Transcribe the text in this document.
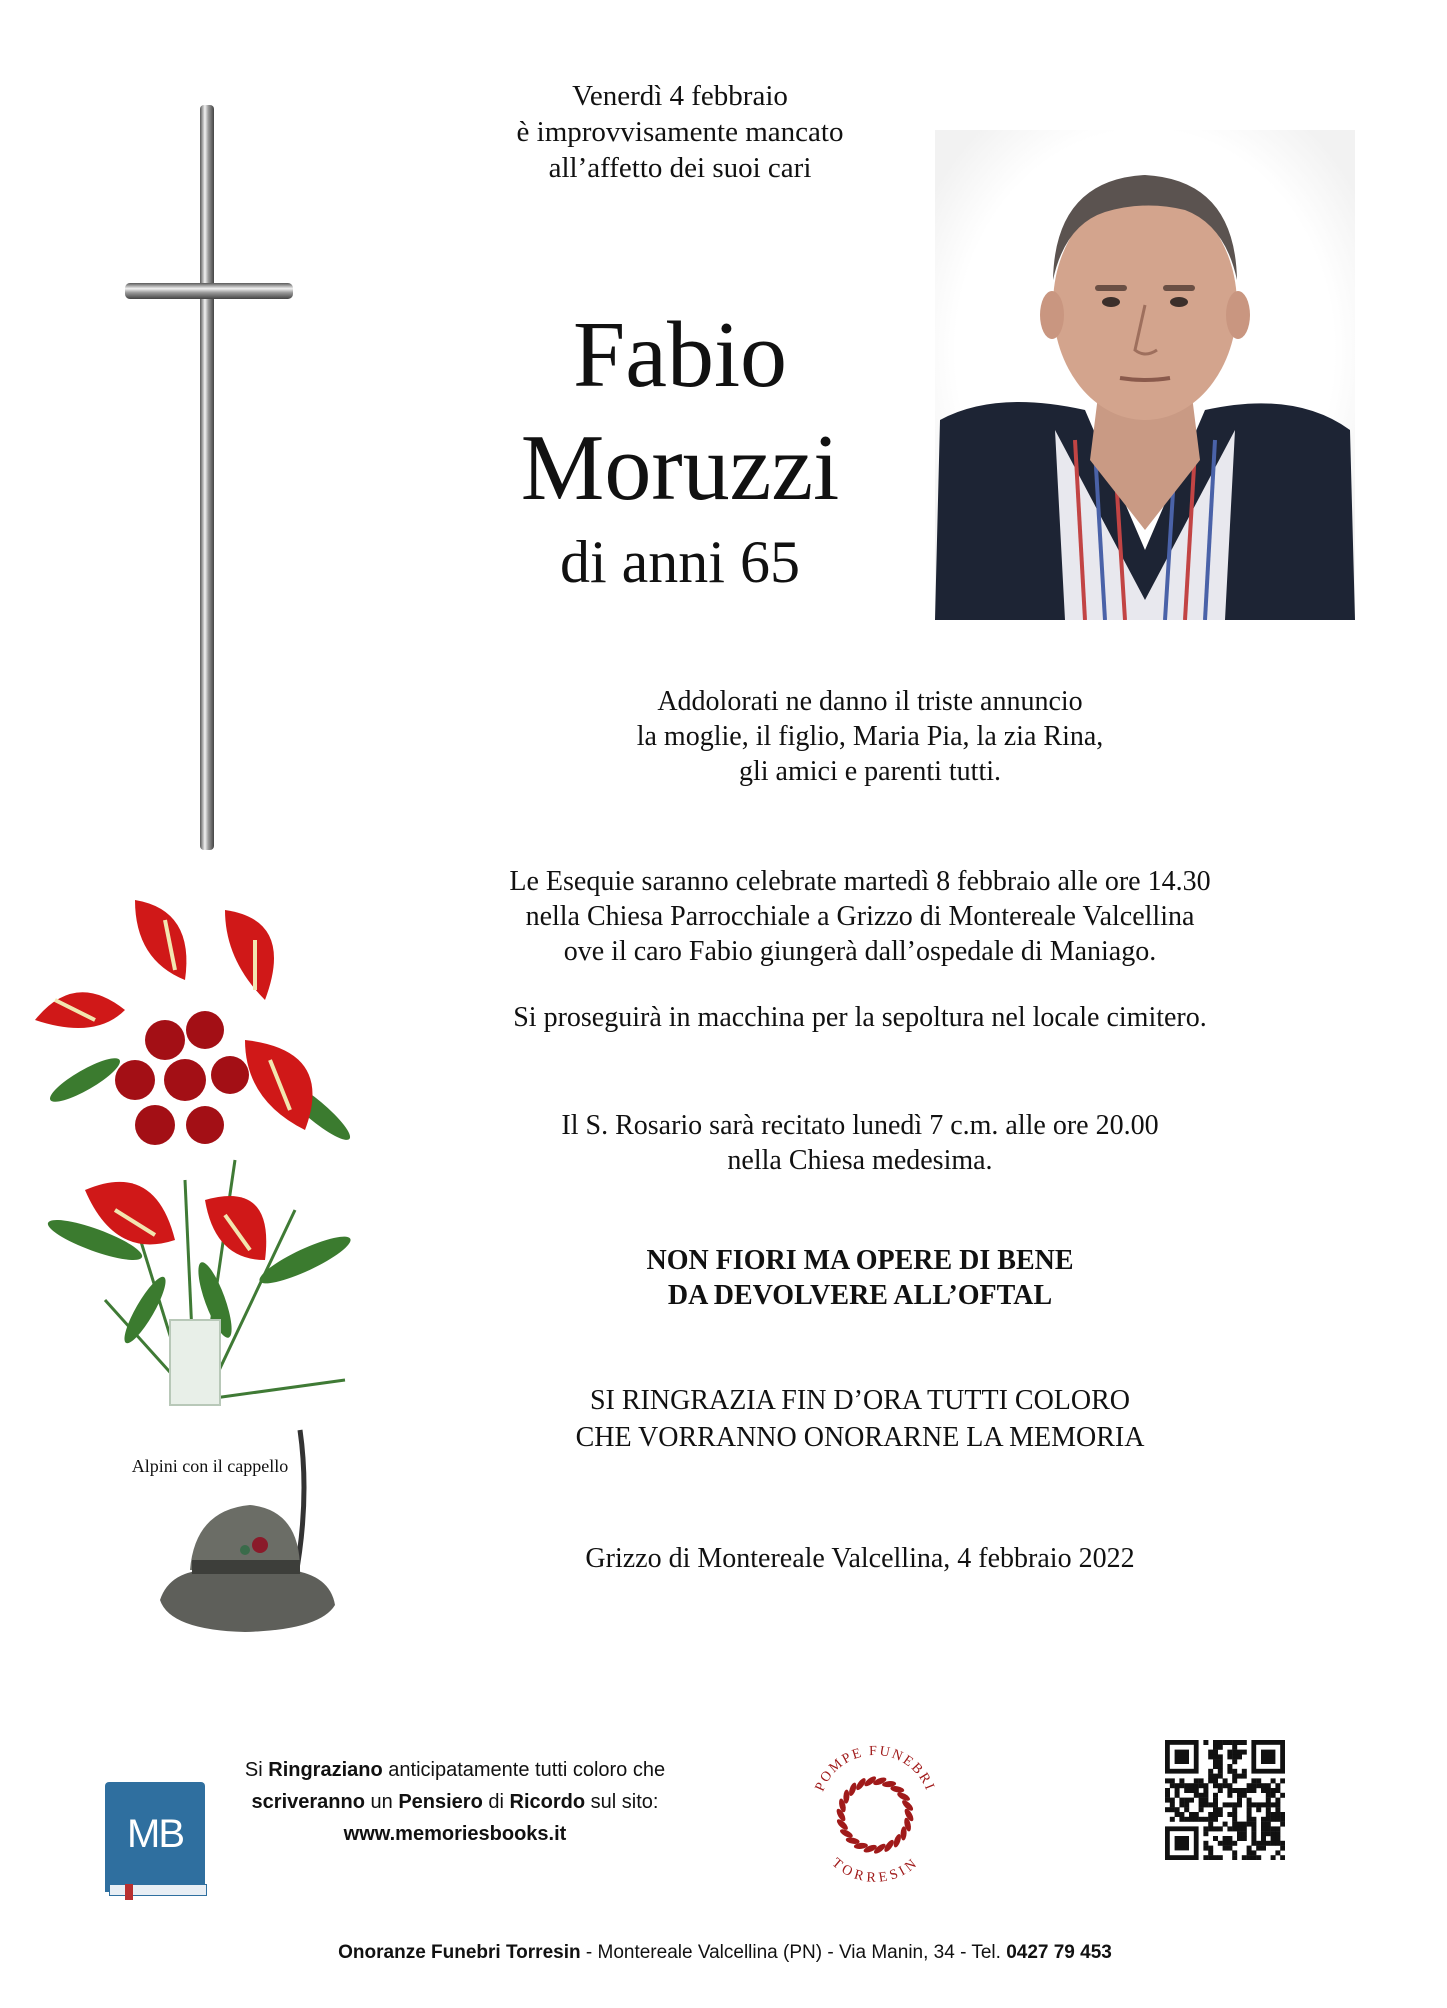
Venerdì 4 febbraio
è improvvisamente mancato
all’affetto dei suoi cari
Fabio
Moruzzi
di anni 65
Addolorati ne danno il triste annuncio
la moglie, il figlio, Maria Pia, la zia Rina,
gli amici e parenti tutti.
Le Esequie saranno celebrate martedì 8 febbraio alle ore 14.30
nella Chiesa Parrocchiale a Grizzo di Montereale Valcellina
ove il caro Fabio giungerà dall’ospedale di Maniago.
Si proseguirà in macchina per la sepoltura nel locale cimitero.
Il S. Rosario sarà recitato lunedì 7 c.m. alle ore 20.00
nella Chiesa medesima.
NON FIORI MA OPERE DI BENE
DA DEVOLVERE ALL’OFTAL
SI RINGRAZIA FIN D’ORA TUTTI COLORO
CHE VORRANNO ONORARNE LA MEMORIA
Grizzo di Montereale Valcellina, 4 febbraio 2022
Alpini con il cappello
MB
Si Ringraziano anticipatamente tutti coloro che
scriveranno un Pensiero di Ricordo sul sito:
www.memoriesbooks.it
POMPE FUNEBRI
TORRESIN
Onoranze Funebri Torresin - Montereale Valcellina (PN) - Via Manin, 34 - Tel. 0427 79 453
